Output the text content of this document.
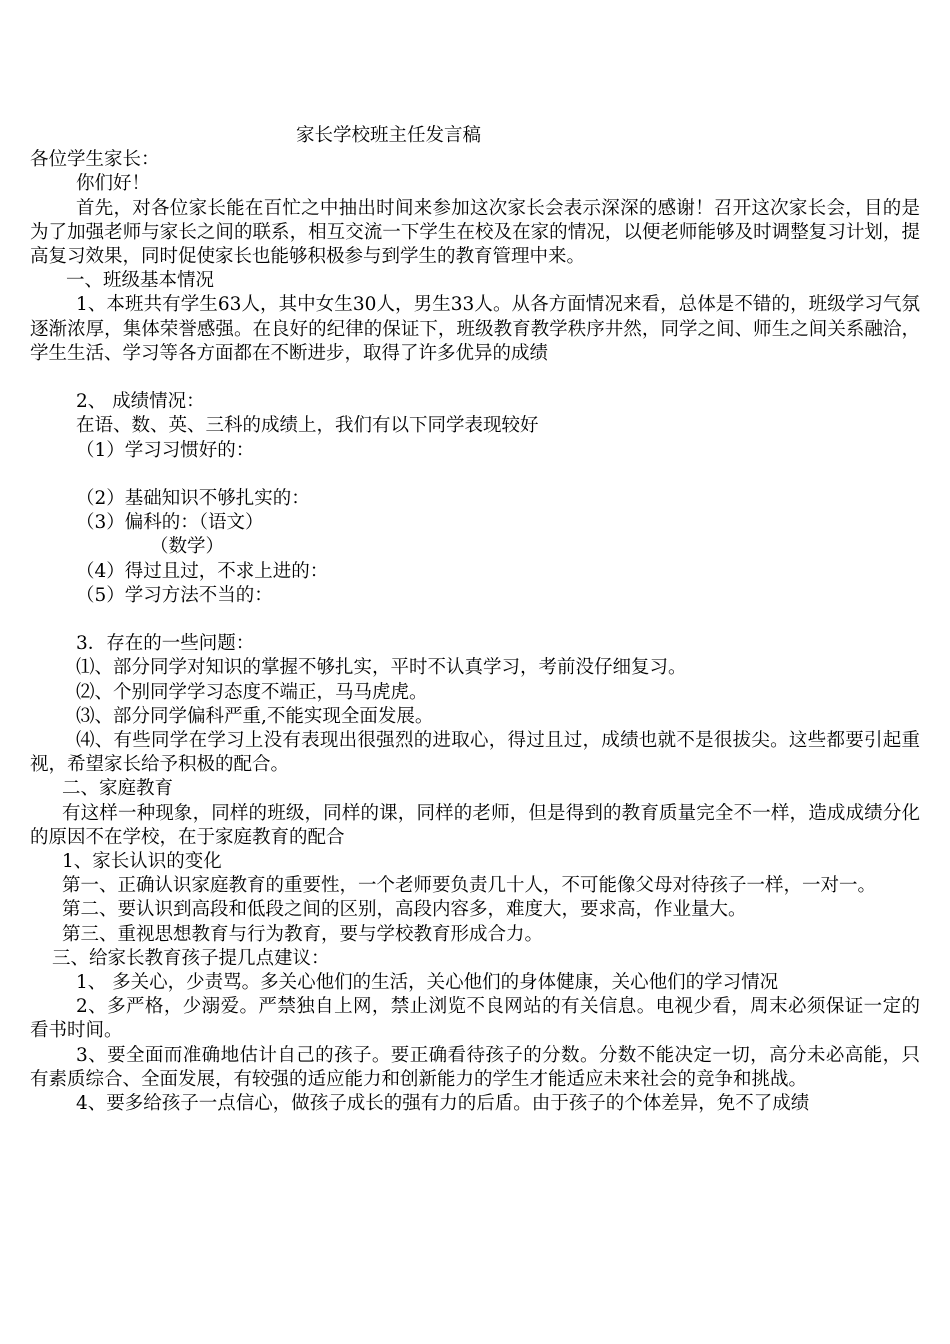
家长学校班主任发言稿

各位学生家长：

你们好！

首先，对各位家长能在百忙之中抽出时间来参加这次家长会表示深深的感谢！召开这次家长会，目的是为了加强老师与家长之间的联系，相互交流一下学生在校及在家的情况，以便老师能够及时调整复习计划，提高复习效果，同时促使家长也能够积极参与到学生的教育管理中来。

一、班级基本情况

1、本班共有学生63人，其中女生30人，男生33人。从各方面情况来看，总体是不错的，班级学习气氛逐渐浓厚，集体荣誉感强。在良好的纪律的保证下，班级教育教学秩序井然，同学之间、师生之间关系融洽，学生生活、学习等各方面都在不断进步，取得了许多优异的成绩

2、 成绩情况：

在语、数、英、三科的成绩上，我们有以下同学表现较好

（1）学习习惯好的：

（2）基础知识不够扎实的：

（3）偏科的：（语文）

（数学）

（4）得过且过，不求上进的：

（5）学习方法不当的：

3．存在的一些问题：

⑴、部分同学对知识的掌握不够扎实，平时不认真学习，考前没仔细复习。

⑵、个别同学学习态度不端正，马马虎虎。

⑶、部分同学偏科严重,不能实现全面发展。

⑷、有些同学在学习上没有表现出很强烈的进取心，得过且过，成绩也就不是很拔尖。这些都要引起重视，希望家长给予积极的配合。

二、家庭教育

有这样一种现象，同样的班级，同样的课，同样的老师，但是得到的教育质量完全不一样，造成成绩分化的原因不在学校，在于家庭教育的配合

1、家长认识的变化

第一、正确认识家庭教育的重要性，一个老师要负责几十人，不可能像父母对待孩子一样，一对一。

第二、要认识到高段和低段之间的区别，高段内容多，难度大，要求高，作业量大。

第三、重视思想教育与行为教育，要与学校教育形成合力。

三、给家长教育孩子提几点建议：

1、 多关心，少责骂。多关心他们的生活，关心他们的身体健康，关心他们的学习情况

2、多严格，少溺爱。严禁独自上网，禁止浏览不良网站的有关信息。电视少看，周末必须保证一定的看书时间。

3、要全面而准确地估计自己的孩子。要正确看待孩子的分数。分数不能决定一切，高分未必高能，只有素质综合、全面发展，有较强的适应能力和创新能力的学生才能适应未来社会的竞争和挑战。

4、要多给孩子一点信心，做孩子成长的强有力的后盾。由于孩子的个体差异，免不了成绩
